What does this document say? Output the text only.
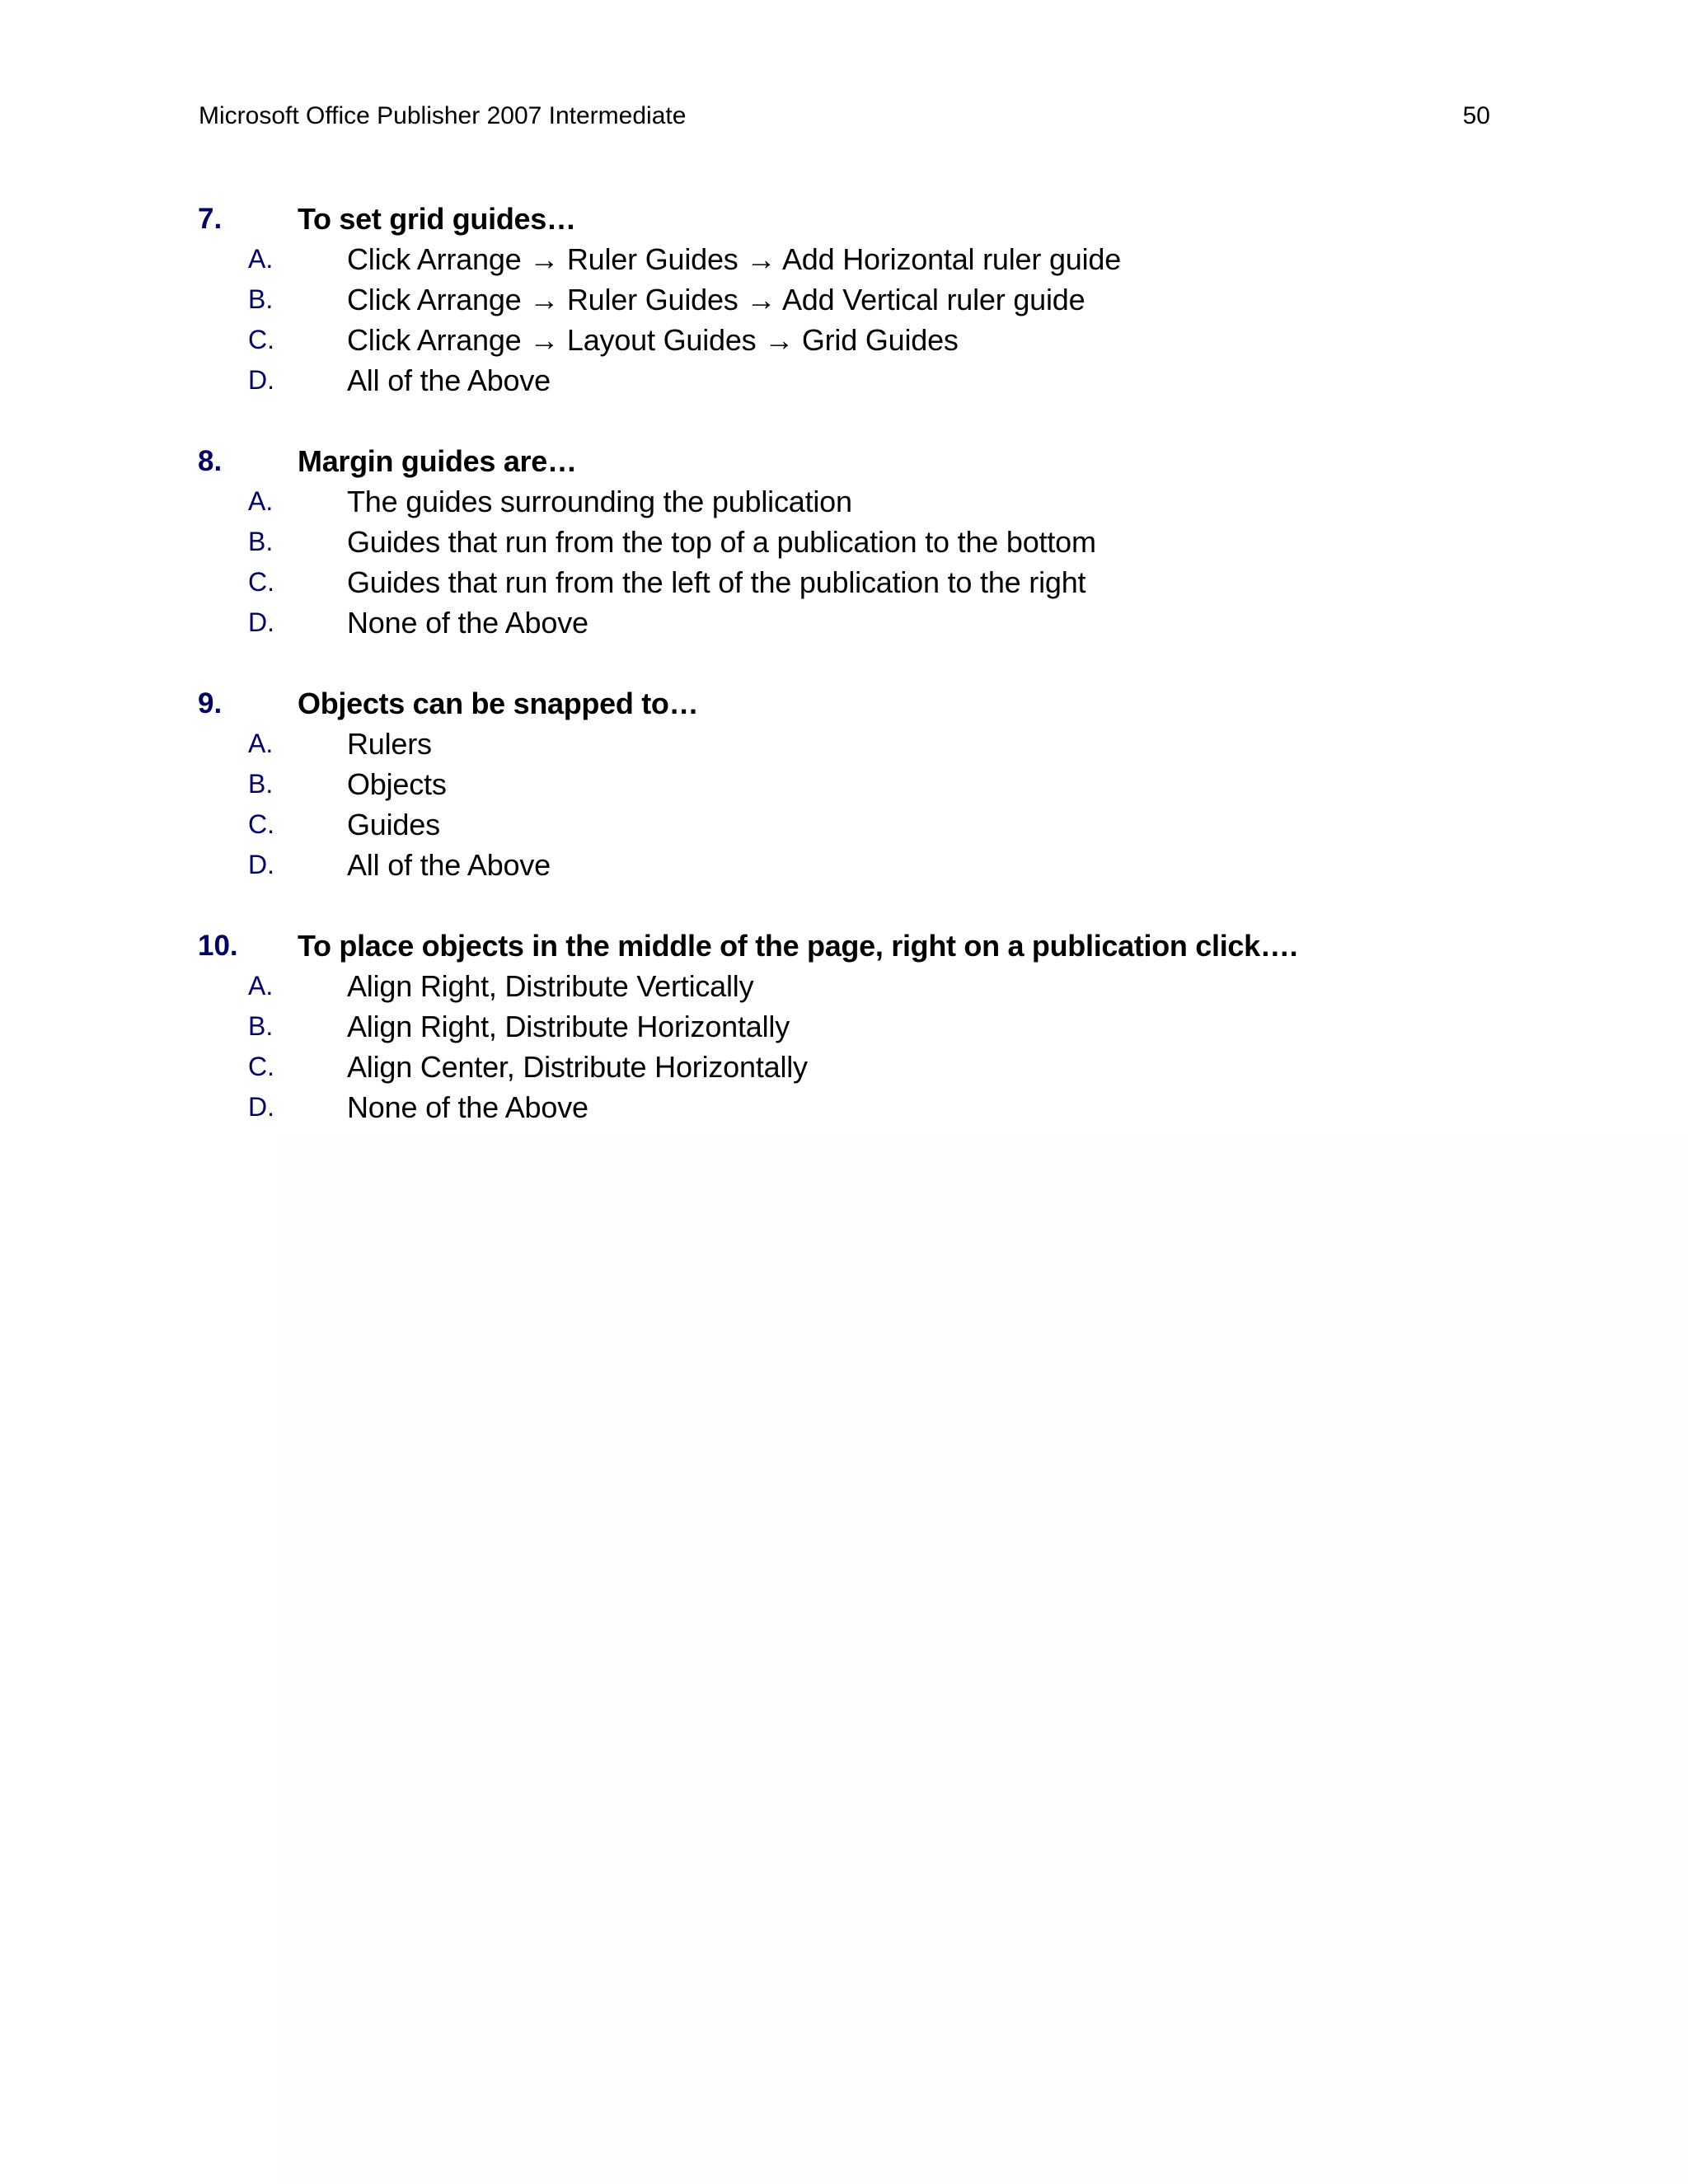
Microsoft Office Publisher 2007 Intermediate	50
7.	To set grid guides…
A. Click Arrange → Ruler Guides → Add Horizontal ruler guide
B. Click Arrange → Ruler Guides → Add Vertical ruler guide
C. Click Arrange → Layout Guides → Grid Guides
D. All of the Above
8.	Margin guides are…
A. The guides surrounding the publication
B. Guides that run from the top of a publication to the bottom
C. Guides that run from the left of the publication to the right
D. None of the Above
9.	Objects can be snapped to…
A. Rulers
B. Objects
C. Guides
D. All of the Above
10. To place objects in the middle of the page, right on a publication click….
A. Align Right, Distribute Vertically
B. Align Right, Distribute Horizontally
C. Align Center, Distribute Horizontally
D. None of the Above
